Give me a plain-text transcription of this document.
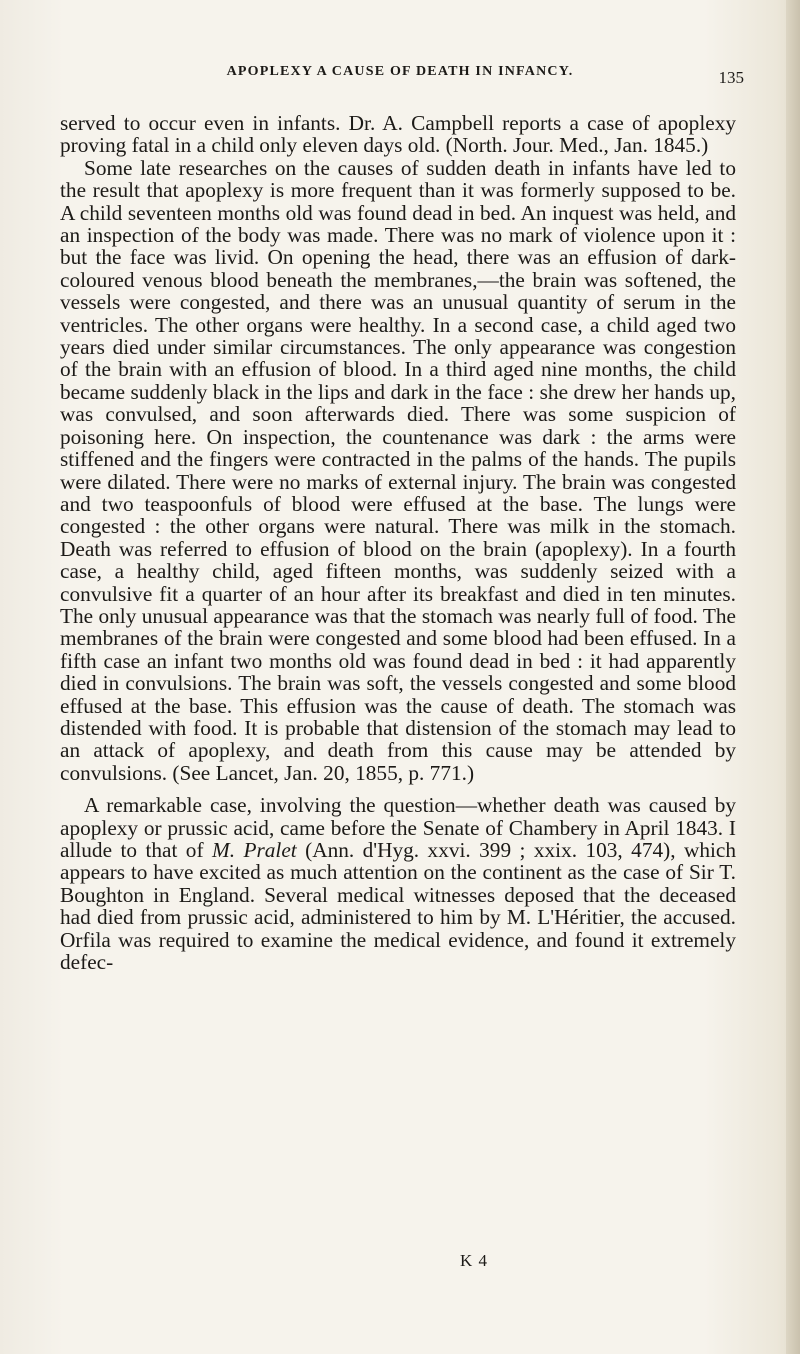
APOPLEXY A CAUSE OF DEATH IN INFANCY.	135

served to occur even in infants. Dr. A. Campbell reports a case of apoplexy proving fatal in a child only eleven days old. (North. Jour. Med., Jan. 1845.)

Some late researches on the causes of sudden death in infants have led to the result that apoplexy is more frequent than it was formerly supposed to be. A child seventeen months old was found dead in bed. An inquest was held, and an inspection of the body was made. There was no mark of violence upon it : but the face was livid. On opening the head, there was an effusion of dark-coloured venous blood beneath the membranes,—the brain was softened, the vessels were congested, and there was an unusual quantity of serum in the ventricles. The other organs were healthy. In a second case, a child aged two years died under similar circumstances. The only appearance was congestion of the brain with an effusion of blood. In a third aged nine months, the child became suddenly black in the lips and dark in the face : she drew her hands up, was convulsed, and soon afterwards died. There was some suspicion of poisoning here. On inspection, the countenance was dark : the arms were stiffened and the fingers were contracted in the palms of the hands. The pupils were dilated. There were no marks of external injury. The brain was congested and two teaspoonfuls of blood were effused at the base. The lungs were congested : the other organs were natural. There was milk in the stomach. Death was referred to effusion of blood on the brain (apoplexy). In a fourth case, a healthy child, aged fifteen months, was suddenly seized with a convulsive fit a quarter of an hour after its breakfast and died in ten minutes. The only unusual appearance was that the stomach was nearly full of food. The membranes of the brain were congested and some blood had been effused. In a fifth case an infant two months old was found dead in bed : it had apparently died in convulsions. The brain was soft, the vessels congested and some blood effused at the base. This effusion was the cause of death. The stomach was distended with food. It is probable that distension of the stomach may lead to an attack of apoplexy, and death from this cause may be attended by convulsions. (See Lancet, Jan. 20, 1855, p. 771.)

A remarkable case, involving the question—whether death was caused by apoplexy or prussic acid, came before the Senate of Chambery in April 1843. I allude to that of M. Pralet (Ann. d'Hyg. xxvi. 399 ; xxix. 103, 474), which appears to have excited as much attention on the continent as the case of Sir T. Boughton in England. Several medical witnesses deposed that the deceased had died from prussic acid, administered to him by M. L'Héritier, the accused. Orfila was required to examine the medical evidence, and found it extremely defec-

K 4
